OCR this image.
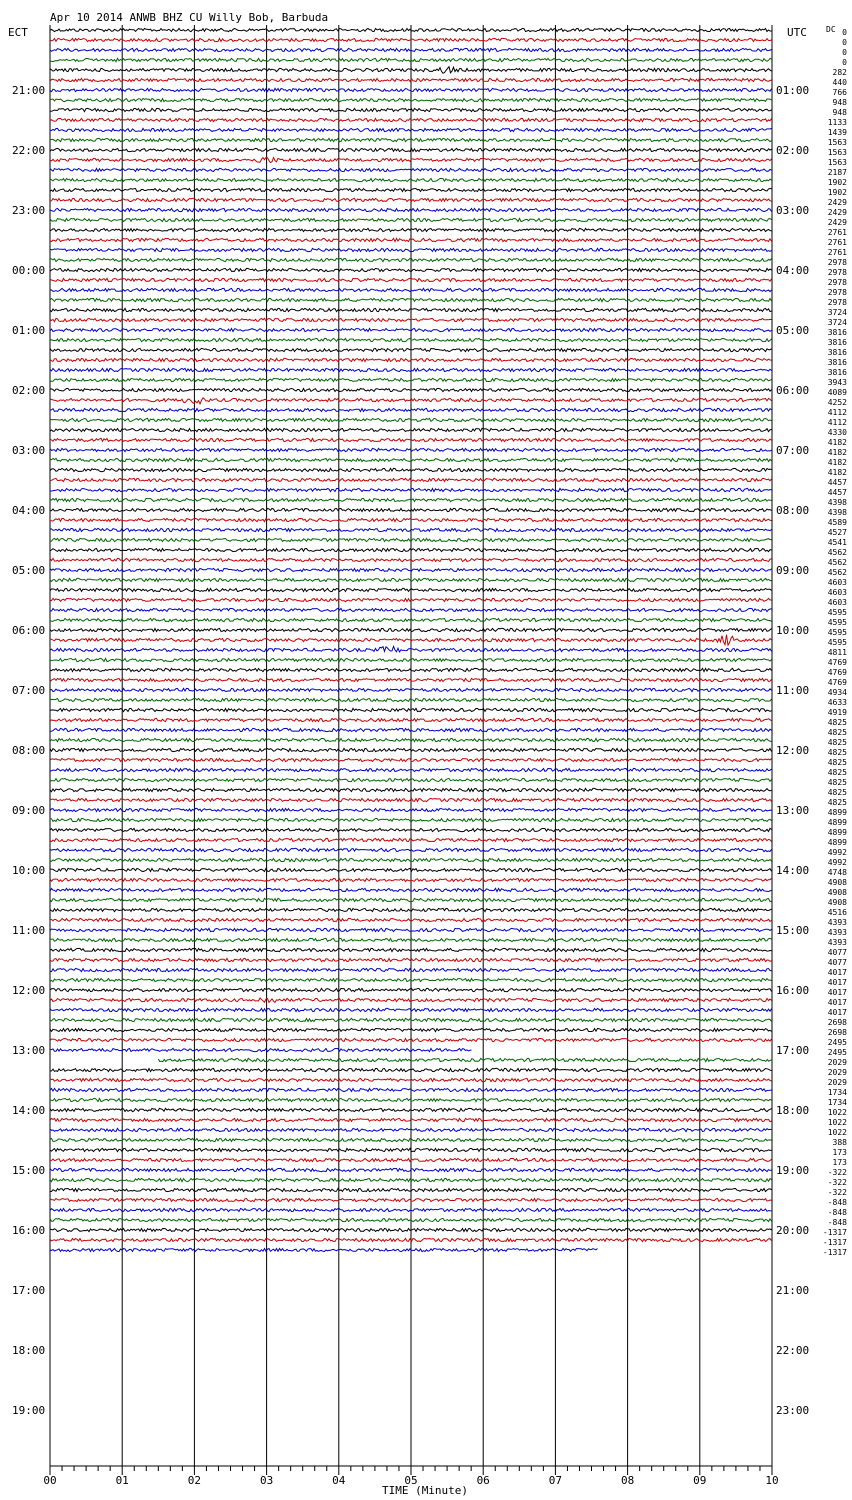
Apr 10 2014 ANWB BHZ CU Willy Bob, Barbuda
ECT	UTC DC
21:00
22:00
23:00
00:00
01:00
02:00
03:00
04:00
05:00
06:00
07:00
08:00
09:00
10:00
11:00
12:00
13:00
14:00
15:00
16:00
17:00
18:00
19:00
01:00
02:00
03:00
04:00
05:00
06:00
07:00
08:00
09:00
10:00
11:00
12:00
13:00
14:00
15:00
16:00
17:00
18:00
19:00
20:00
21:00
22:00
23:00
0
0
0
0
282
440
766
948
948
1133
1439
1563
1563
1563
2187
1902
1902
2429
2429
2429
2761
2761
2761
2978
2978
2978
2978
2978
3724
3724
3816
3816
3816
3816
3816
3943
4089
4252
4112
4112
4330
4182
4182
4182
4182
4457
4457
4398
4398
4589
4527
4541
4562
4562
4562
4603
4603
4603
4595
4595
4595
4595
4811
4769
4769
4769
4934
4633
4919
4825
4825
4825
4825
4825
4825
4825
4825
4825
4899
4899
4899
4899
4992
4992
4748
4908
4908
4908
4516
4393
4393
4393
4077
4077
4017
4017
4017
4017
4017
2698
2698
2495
2495
2029
2029
2029
1734
1734
1022
1022
1022
388
173
173
-322
-322
-322
-848
-848
-848
-1317
-1317
-1317
00	01	02	03	04	05	06	07	08	09	10
TIME (Minute)
